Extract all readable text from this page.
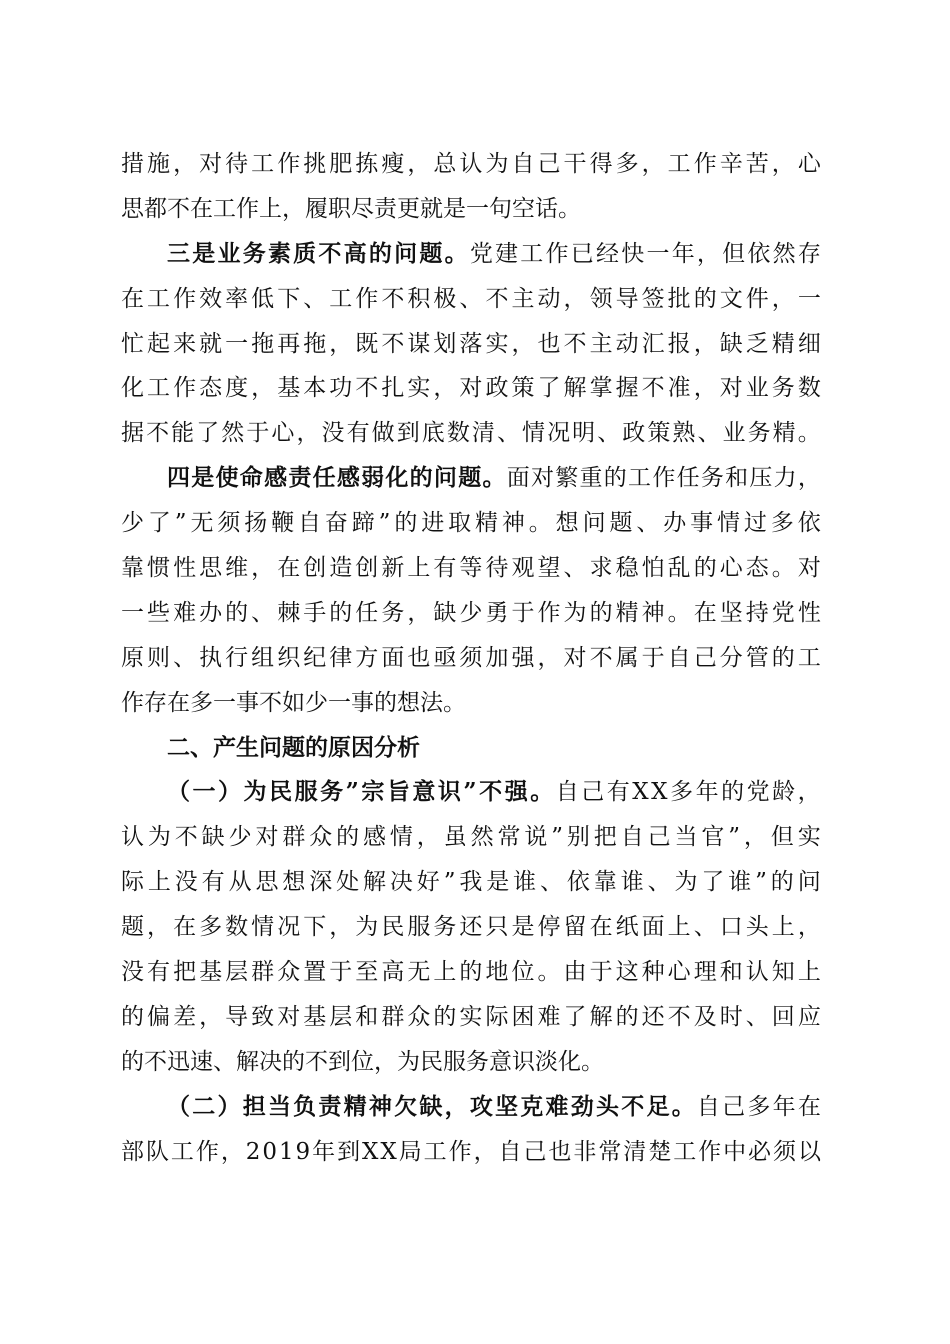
措 施 ， 对 待 工 作 挑 肥 拣 瘦 ， 总 认 为 自 己 干 得 多 ， 工 作 辛 苦 ， 心
思都不在工作上，履职尽责更就是一句空话。
三 是 业 务 素 质 不 高 的 问 题 。 党 建 工 作 已 经 快 一 年 ， 但 依 然 存
在 工 作 效 率 低 下 、 工 作 不 积 极 、 不 主 动 ， 领 导 签 批 的 文 件 ， 一
忙 起 来 就 一 拖 再 拖 ， 既 不 谋 划 落 实 ， 也 不 主 动 汇 报 ， 缺 乏 精 细
化 工 作 态 度 ， 基 本 功 不 扎 实 ， 对 政 策 了 解 掌 握 不 准 ， 对 业 务 数
据 不 能 了 然 于 心 ， 没 有 做 到 底 数 清 、 情 况 明 、 政 策 熟 、 业 务 精 。
四 是 使 命 感 责 任 感 弱 化 的 问 题 。 面 对 繁 重 的 工 作 任 务 和 压 力 ，
少 了 ” 无 须 扬 鞭 自 奋 蹄 ” 的 进 取 精 神 。 想 问 题 、 办 事 情 过 多 依
靠 惯 性 思 维 ， 在 创 造 创 新 上 有 等 待 观 望 、 求 稳 怕 乱 的 心 态 。 对
一 些 难 办 的 、 棘 手 的 任 务 ， 缺 少 勇 于 作 为 的 精 神 。 在 坚 持 党 性
原 则 、 执 行 组 织 纪 律 方 面 也 亟 须 加 强 ， 对 不 属 于 自 己 分 管 的 工
作存在多一事不如少一事的想法。
二、产生问题的原因分析
（ 一 ） 为 民 服 务 ” 宗 旨 意 识 ” 不 强 。 自 己 有 X X 多 年 的 党 龄 ，
认 为 不 缺 少 对 群 众 的 感 情 ， 虽 然 常 说 ” 别 把 自 己 当 官 ” ， 但 实
际 上 没 有 从 思 想 深 处 解 决 好 ” 我 是 谁 、 依 靠 谁 、 为 了 谁 ” 的 问
题 ， 在 多 数 情 况 下 ， 为 民 服 务 还 只 是 停 留 在 纸 面 上 、 口 头 上 ，
没 有 把 基 层 群 众 置 于 至 高 无 上 的 地 位 。 由 于 这 种 心 理 和 认 知 上
的 偏 差 ， 导 致 对 基 层 和 群 众 的 实 际 困 难 了 解 的 还 不 及 时 、 回 应
的不迅速、解决的不到位，为民服务意识淡化。
（ 二 ） 担 当 负 责 精 神 欠 缺 ， 攻 坚 克 难 劲 头 不 足 。 自 己 多 年 在
部 队 工 作 ， 2 0 1 9 年 到 X X 局 工 作 ， 自 己 也 非 常 清 楚 工 作 中 必 须 以
